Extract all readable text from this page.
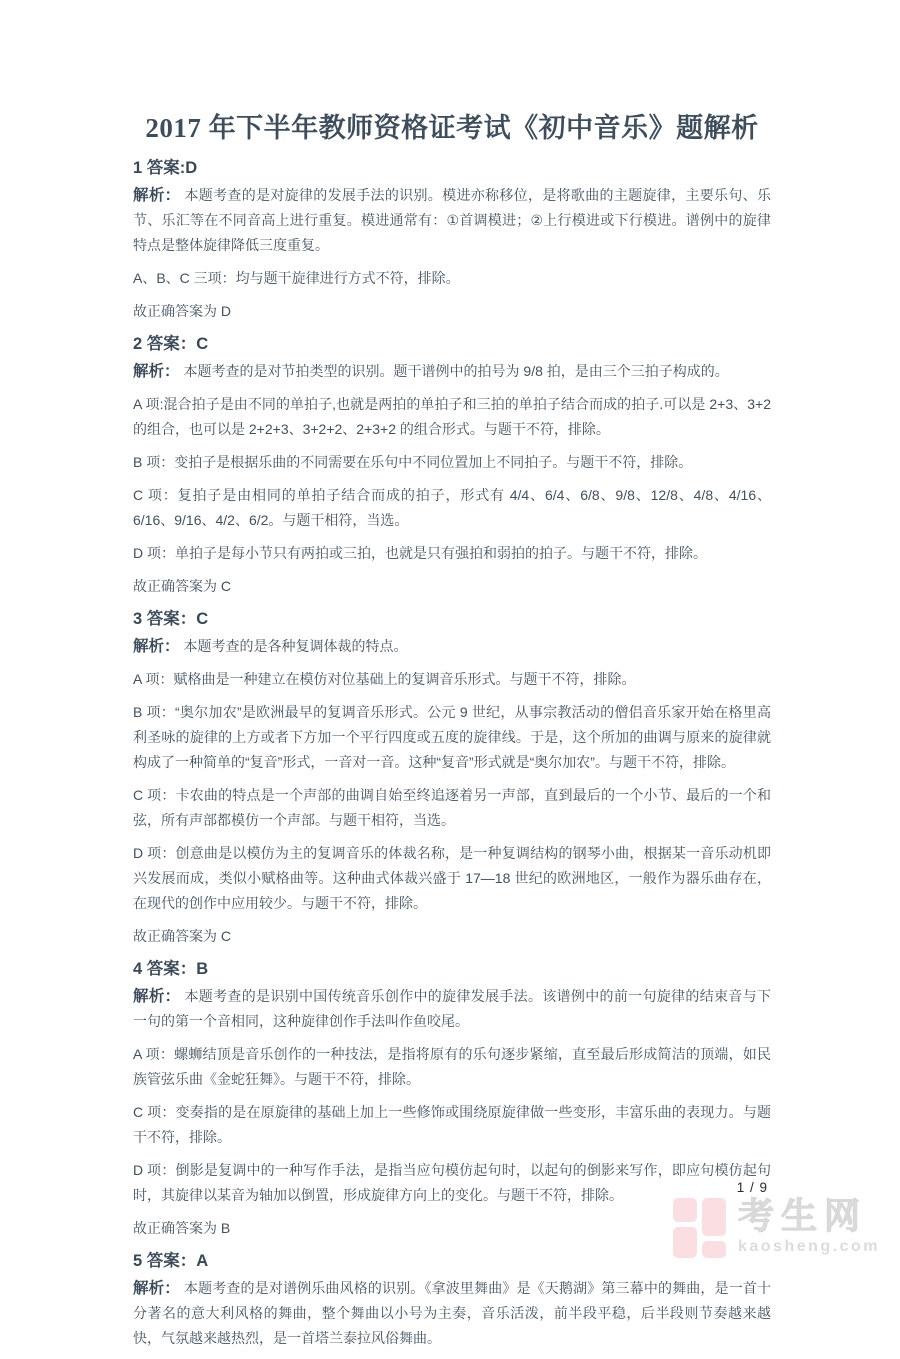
2017 年下半年教师资格证考试《初中音乐》题解析
1 答案:D

解析： 本题考查的是对旋律的发展手法的识别。模进亦称移位，是将歌曲的主题旋律，主要乐句、乐节、乐汇等在不同音高上进行重复。模进通常有：①首调模进；②上行模进或下行模进。谱例中的旋律特点是整体旋律降低三度重复。

A、B、C 三项：均与题干旋律进行方式不符，排除。

故正确答案为 D

2 答案：C

解析： 本题考查的是对节拍类型的识别。题干谱例中的拍号为 9/8 拍，是由三个三拍子构成的。

A 项:混合拍子是由不同的单拍子,也就是两拍的单拍子和三拍的单拍子结合而成的拍子.可以是 2+3、3+2 的组合，也可以是 2+2+3、3+2+2、2+3+2 的组合形式。与题干不符，排除。

B 项：变拍子是根据乐曲的不同需要在乐句中不同位置加上不同拍子。与题干不符，排除。

C 项：复拍子是由相同的单拍子结合而成的拍子，形式有 4/4、6/4、6/8、9/8、12/8、4/8、4/16、6/16、9/16、4/2、6/2。与题干相符，当选。

D 项：单拍子是每小节只有两拍或三拍，也就是只有强拍和弱拍的拍子。与题干不符，排除。

故正确答案为 C

3 答案：C

解析： 本题考查的是各种复调体裁的特点。

A 项：赋格曲是一种建立在模仿对位基础上的复调音乐形式。与题干不符，排除。

B 项：“奥尔加农”是欧洲最早的复调音乐形式。公元 9 世纪，从事宗教活动的僧侣音乐家开始在格里高利圣咏的旋律的上方或者下方加一个平行四度或五度的旋律线。于是，这个所加的曲调与原来的旋律就构成了一种简单的“复音”形式，一音对一音。这种“复音”形式就是“奥尔加农”。与题干不符，排除。

C 项：卡农曲的特点是一个声部的曲调自始至终追逐着另一声部，直到最后的一个小节、最后的一个和弦，所有声部都模仿一个声部。与题干相符，当选。

D 项：创意曲是以模仿为主的复调音乐的体裁名称，是一种复调结构的钢琴小曲，根据某一音乐动机即兴发展而成，类似小赋格曲等。这种曲式体裁兴盛于 17—18 世纪的欧洲地区，一般作为器乐曲存在，在现代的创作中应用较少。与题干不符，排除。

故正确答案为 C

4 答案：B

解析： 本题考查的是识别中国传统音乐创作中的旋律发展手法。该谱例中的前一句旋律的结束音与下一句的第一个音相同，这种旋律创作手法叫作鱼咬尾。

A 项：螺蛳结顶是音乐创作的一种技法，是指将原有的乐句逐步紧缩，直至最后形成简洁的顶端，如民族管弦乐曲《金蛇狂舞》。与题干不符，排除。

C 项：变奏指的是在原旋律的基础上加上一些修饰或围绕原旋律做一些变形，丰富乐曲的表现力。与题干不符，排除。

D 项：倒影是复调中的一种写作手法，是指当应句模仿起句时，以起句的倒影来写作，即应句模仿起句时，其旋律以某音为轴加以倒置，形成旋律方向上的变化。与题干不符，排除。

故正确答案为 B

5 答案：A

解析： 本题考查的是对谱例乐曲风格的识别。《拿波里舞曲》是《天鹅湖》第三幕中的舞曲，是一首十分著名的意大利风格的舞曲，整个舞曲以小号为主奏，音乐活泼，前半段平稳，后半段则节奏越来越快，气氛越来越热烈，是一首塔兰泰拉风俗舞曲。

1 / 9
考生网
kaosheng.com
